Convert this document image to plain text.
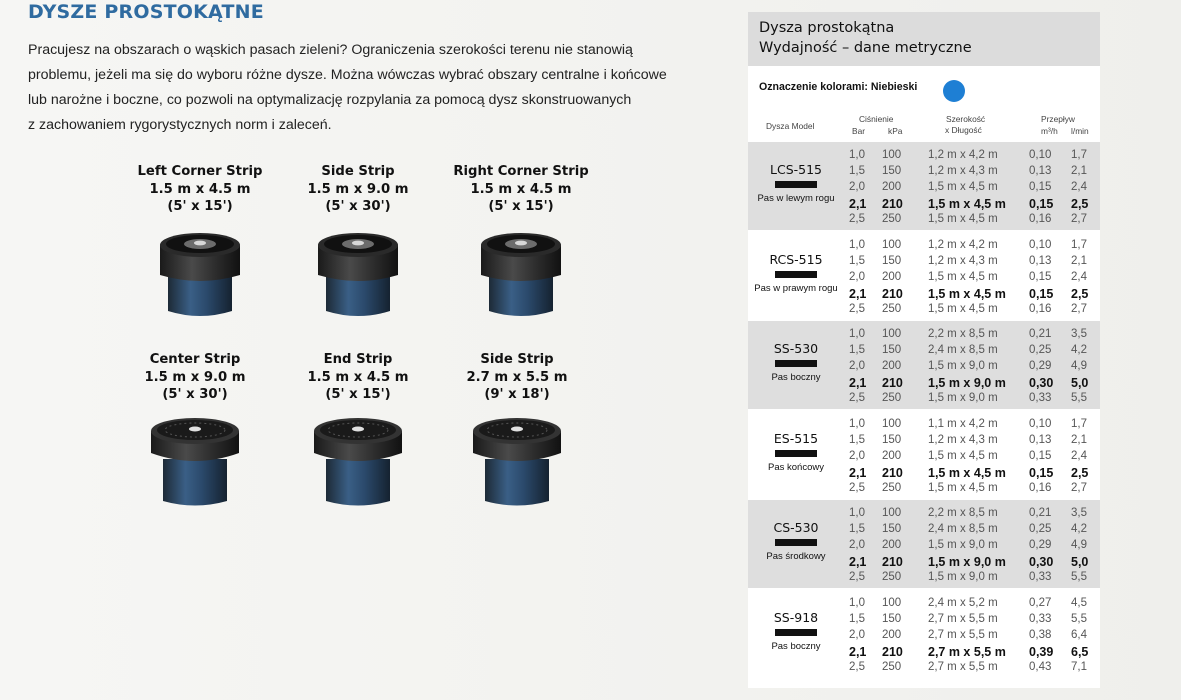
DYSZE PROSTOKĄTNE

Pracujesz na obszarach o wąskich pasach zieleni? Ograniczenia szerokości terenu nie stanowią
problemu, jeżeli ma się do wyboru różne dysze. Można wówczas wybrać obszary centralne i końcowe
lub narożne i boczne, co pozwoli na optymalizację rozpylania za pomocą dysz skonstruowanych
z zachowaniem rygorystycznych norm i zaleceń.

Left Corner Strip
1.5 m x 4.5 m
(5' x 15')
Side Strip
1.5 m x 9.0 m
(5' x 30')
Right Corner Strip
1.5 m x 4.5 m
(5' x 15')
Center Strip
1.5 m x 9.0 m
(5' x 30')
End Strip
1.5 m x 4.5 m
(5' x 15')
Side Strip
2.7 m x 5.5 m
(9' x 18')
Dysza prostokątna
Wydajność – dane metryczne
Oznaczenie kolorami: Niebieski
Dysza Model
Ciśnienie
Bar	kPa
Szerokość
x Długość
Przepływ
m³/h l/min
LCS-515
Pas w lewym rogu
1,0 100 1,2 m x 4,2 m	0,10 1,7
1,5 150 1,2 m x 4,3 m	0,13 2,1
2,0 200 1,5 m x 4,5 m	0,15 2,4
2,1 210 1,5 m x 4,5 m 0,15 2,5
2,5 250 1,5 m x 4,5 m	0,16 2,7
RCS-515
Pas w prawym rogu
1,0 100 1,2 m x 4,2 m	0,10 1,7
1,5 150 1,2 m x 4,3 m	0,13 2,1
2,0 200 1,5 m x 4,5 m	0,15 2,4
2,1 210 1,5 m x 4,5 m 0,15 2,5
2,5 250 1,5 m x 4,5 m	0,16 2,7
SS-530
Pas boczny
1,0 100 2,2 m x 8,5 m	0,21 3,5
1,5 150 2,4 m x 8,5 m	0,25 4,2
2,0 200 1,5 m x 9,0 m	0,29 4,9
2,1 210 1,5 m x 9,0 m 0,30 5,0
2,5 250 1,5 m x 9,0 m	0,33 5,5
ES-515
Pas końcowy
1,0 100 1,1 m x 4,2 m	0,10 1,7
1,5 150 1,2 m x 4,3 m	0,13 2,1
2,0 200 1,5 m x 4,5 m	0,15 2,4
2,1 210 1,5 m x 4,5 m 0,15 2,5
2,5 250 1,5 m x 4,5 m	0,16 2,7
CS-530
Pas środkowy
1,0 100 2,2 m x 8,5 m	0,21 3,5
1,5 150 2,4 m x 8,5 m	0,25 4,2
2,0 200 1,5 m x 9,0 m	0,29 4,9
2,1 210 1,5 m x 9,0 m 0,30 5,0
2,5 250 1,5 m x 9,0 m	0,33 5,5
SS-918
Pas boczny
1,0 100 2,4 m x 5,2 m	0,27 4,5
1,5 150 2,7 m x 5,5 m	0,33 5,5
2,0 200 2,7 m x 5,5 m	0,38 6,4
2,1 210 2,7 m x 5,5 m 0,39 6,5
2,5 250 2,7 m x 5,5 m	0,43 7,1
